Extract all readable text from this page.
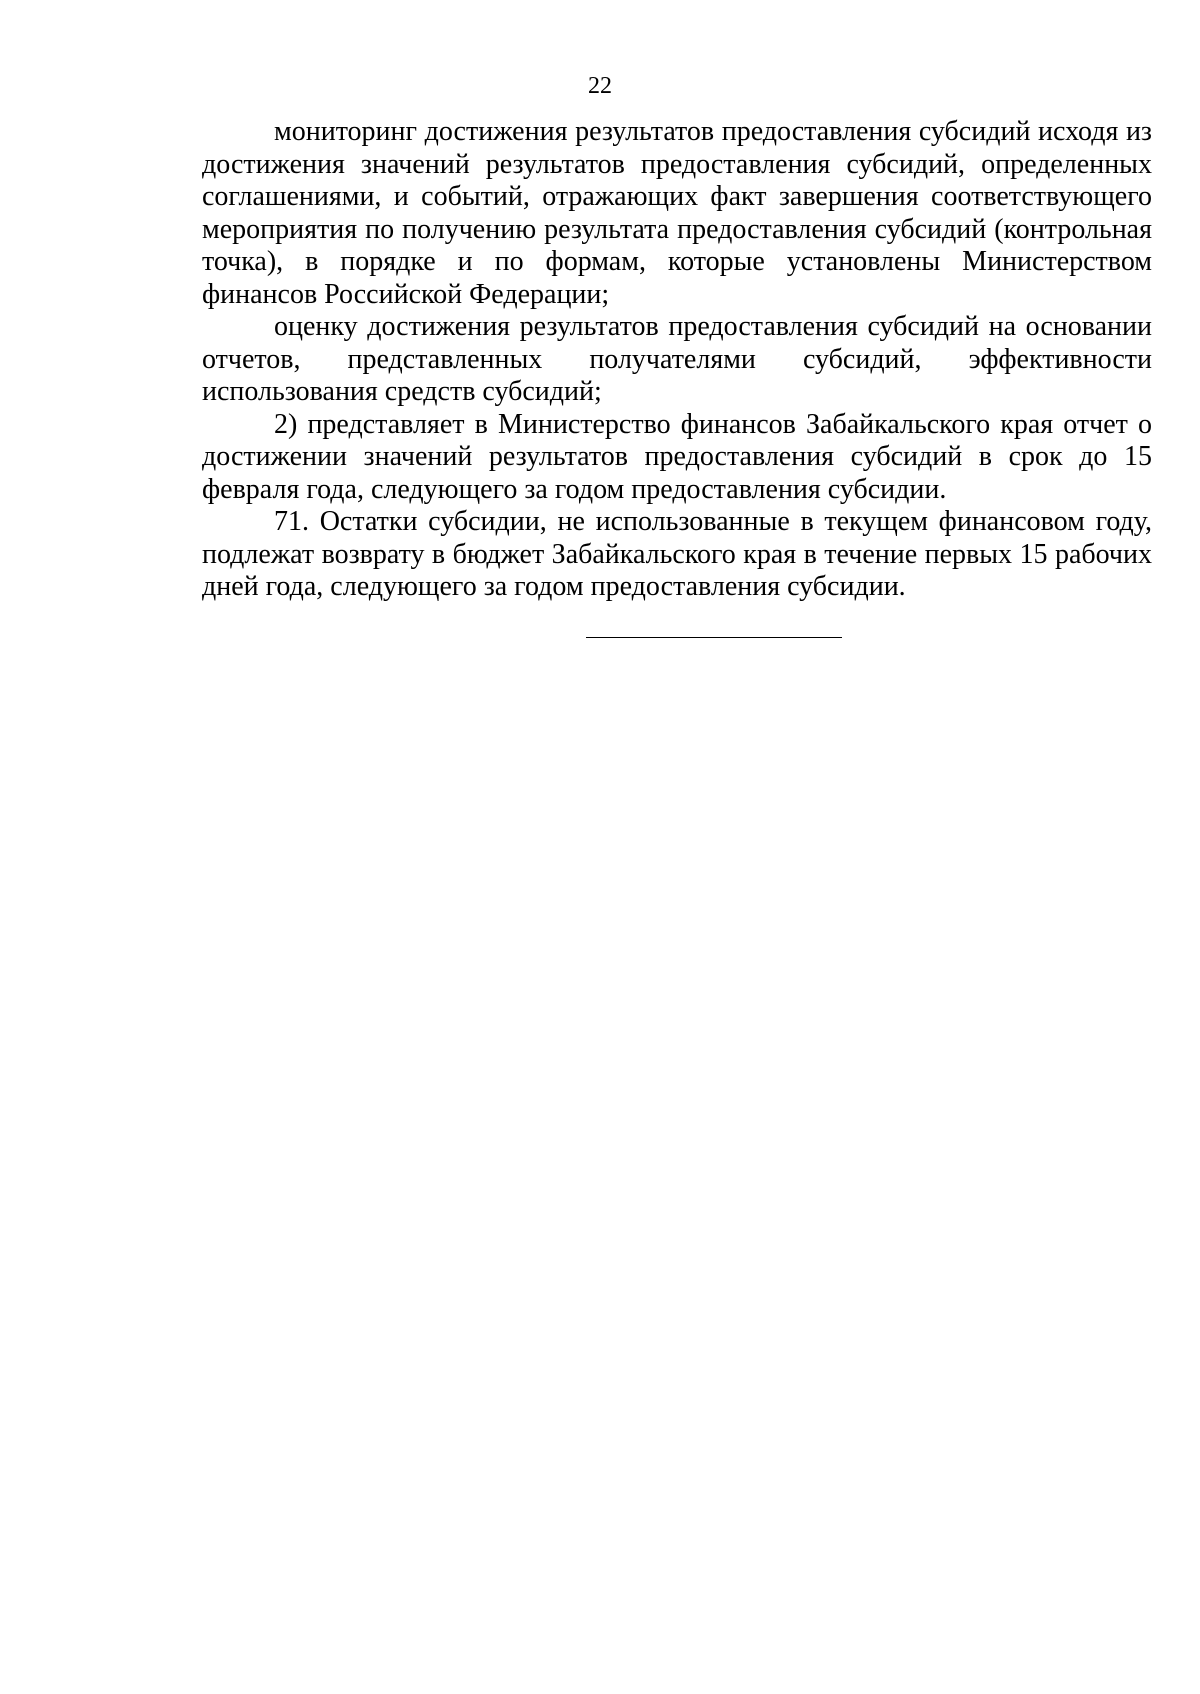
22

мониторинг достижения результатов предоставления субсидий исходя из достижения значений результатов предоставления субсидий, определенных соглашениями, и событий, отражающих факт завершения соответствующего мероприятия по получению результата предоставления субсидий (контрольная точка), в порядке и по формам, которые установлены Министерством финансов Российской Федерации;

оценку достижения результатов предоставления субсидий на основании отчетов, представленных получателями субсидий, эффективности использования средств субсидий;

2) представляет в Министерство финансов Забайкальского края отчет о достижении значений результатов предоставления субсидий в срок до 15 февраля года, следующего за годом предоставления субсидии.

71. Остатки субсидии, не использованные в текущем финансовом году, подлежат возврату в бюджет Забайкальского края в течение первых 15 рабочих дней года, следующего за годом предоставления субсидии.
